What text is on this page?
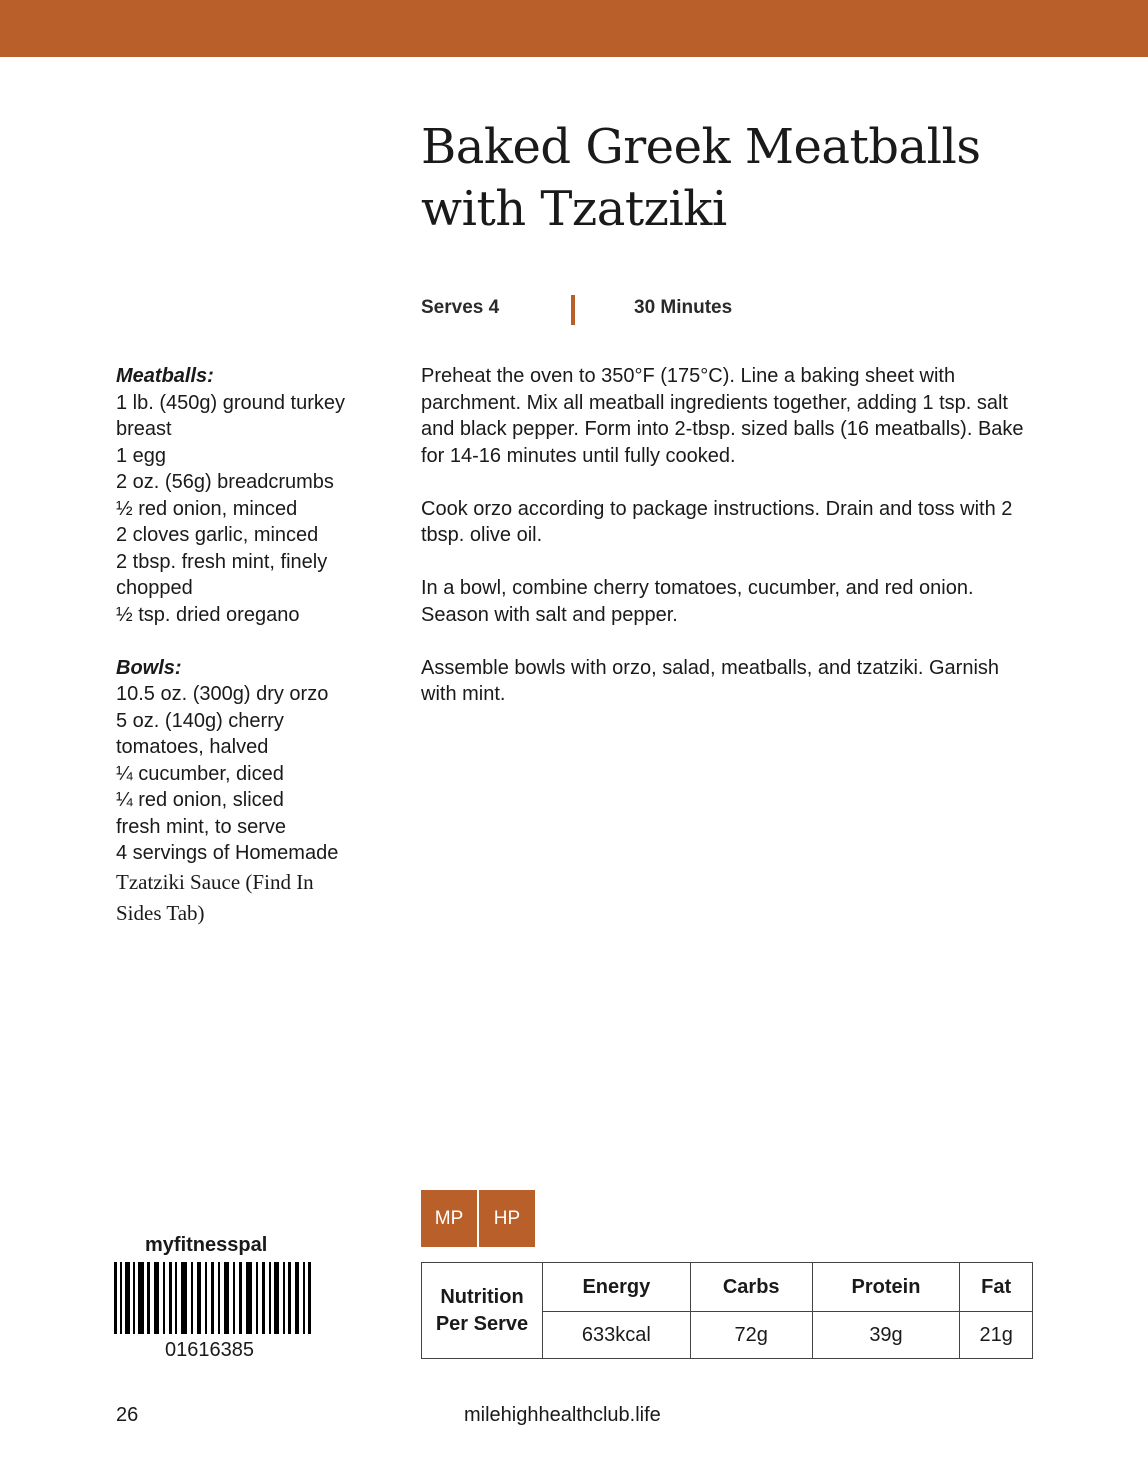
Baked Greek Meatballs with Tzatziki
Serves 4	30 Minutes
Meatballs:
1 lb. (450g) ground turkey
breast
1 egg
2 oz. (56g) breadcrumbs
½ red onion, minced
2 cloves garlic, minced
2 tbsp. fresh mint, finely
chopped
½ tsp. dried oregano
Bowls:
10.5 oz. (300g) dry orzo
5 oz. (140g) cherry
tomatoes, halved
¼ cucumber, diced
¼ red onion, sliced
fresh mint, to serve
4 servings of Homemade
Tzatziki Sauce (Find In
Sides Tab)

Preheat the oven to 350°F (175°C). Line a baking sheet with parchment. Mix all meatball ingredients together, adding 1 tsp. salt and black pepper. Form into 2-tbsp. sized balls (16 meatballs). Bake for 14-16 minutes until fully cooked.

Cook orzo according to package instructions. Drain and toss with 2 tbsp. olive oil.

In a bowl, combine cherry tomatoes, cucumber, and red onion. Season with salt and pepper.

Assemble bowls with orzo, salad, meatballs, and tzatziki. Garnish with mint.

myfitnesspal
01616385
MP	HP
Nutrition
Per Serve	Energy	Carbs	Protein	Fat
	633kcal	72g	39g	21g
26	milehighhealthclub.life
